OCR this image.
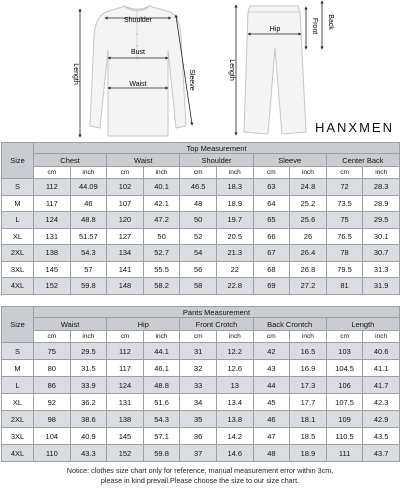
Shoulder
Bust
Waist
Length	Sleeve
Hip
Length
Front Back
HANXMEN
Size	Top Measurement									
	Chest		Waist		Shoulder		Sleeve		Center Back	
	cm	inch	cm	inch	cm	inch	cm	inch	cm	inch
S	112	44.09	102	40.1	46.5	18.3	63	24.8	72	28.3
M	117	46	107	42.1	48	18.9	64	25.2	73.5	28.9
L	124	48.8	120	47.2	50	19.7	65	25.6	75	29.5
XL	131	51.57	127	50	52	20.5	66	26	76.5	30.1
2XL	138	54.3	134	52.7	54	21.3	67	26.4	78	30.7
3XL	145	57	141	55.5	56	22	68	26.8	79.5	31.3
4XL	152	59.8	148	58.2	58	22.8	69	27.2	81	31.9
Size	Pants Measurement									
	Waist		Hip		Front Crotch		Back Crontch		Length	
	cm	inch	cm	inch	cm	inch	cm	inch	cm	inch
S	75	29.5	112	44.1	31	12.2	42	16.5	103	40.6
M	80	31.5	117	46.1	32	12.6	43	16.9	104.5	41.1
L	86	33.9	124	48.8	33	13	44	17.3	106	41.7
XL	92	36.2	131	51.6	34	13.4	45	17.7	107.5	42.3
2XL	98	38.6	138	54.3	35	13.8	46	18.1	109	42.9
3XL	104	40.9	145	57.1	36	14.2	47	18.5	110.5	43.5
4XL	110	43.3	152	59.8	37	14.6	48	18.9	111	43.7
Notice: clothes size chart only for reference, manual measurement error within 3cm,
please in kind prevail.Please choose the size to our size chart.
